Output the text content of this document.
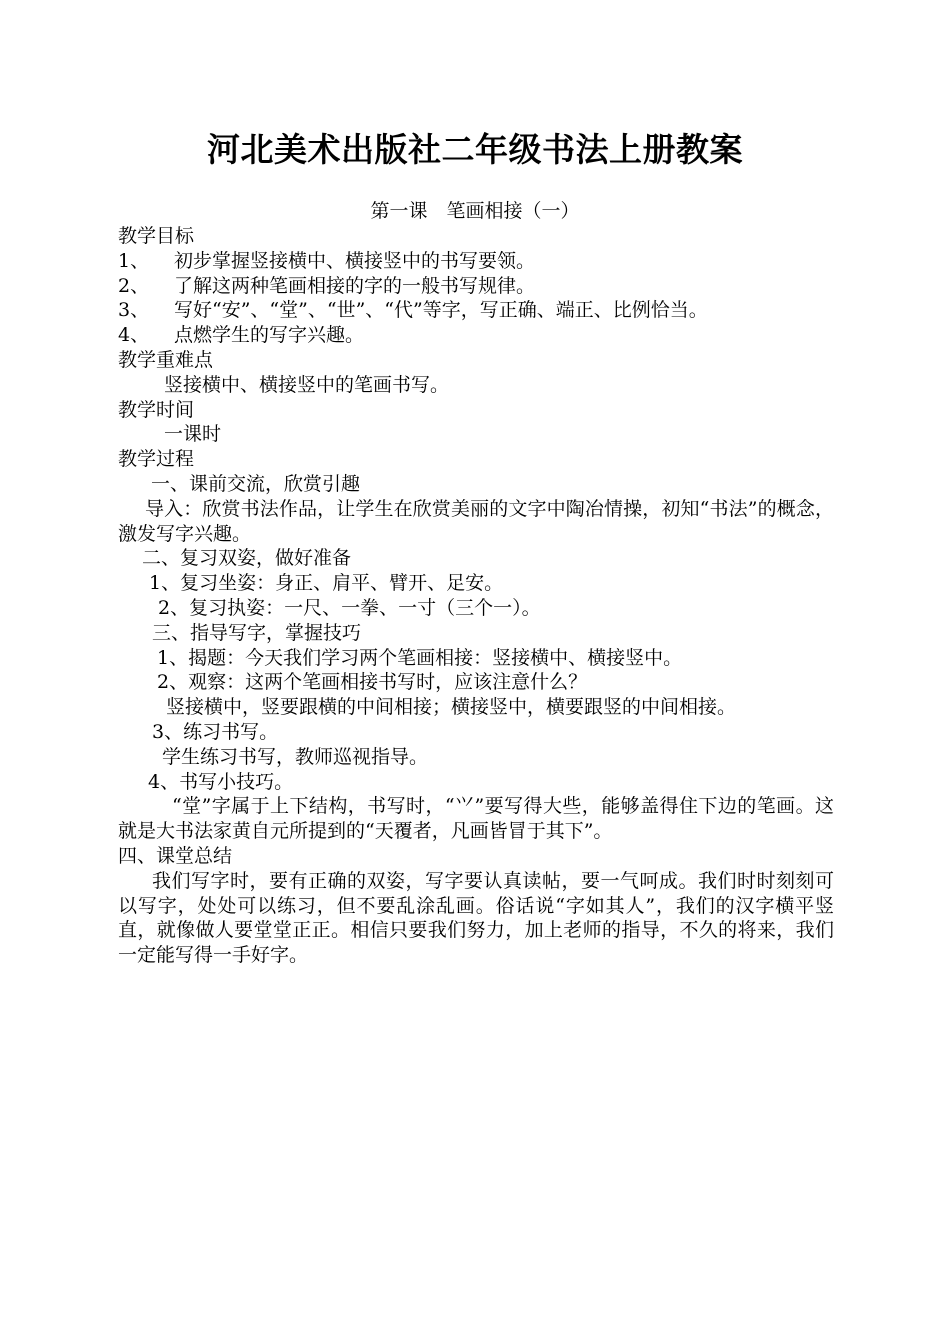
河北美术出版社二年级书法上册教案

第一课　笔画相接（一）

教学目标

1、 初步掌握竖接横中、横接竖中的书写要领。

2、 了解这两种笔画相接的字的一般书写规律。

3、 写好“安”、“堂”、“世”、“代”等字，写正确、端正、比例恰当。

4、 点燃学生的写字兴趣。

教学重难点

竖接横中、横接竖中的笔画书写。

教学时间

一课时

教学过程

一、课前交流，欣赏引趣

导入：欣赏书法作品，让学生在欣赏美丽的文字中陶冶情操，初知“书法”的概念，激发写字兴趣。

二、复习双姿，做好准备

1、复习坐姿：身正、肩平、臂开、足安。

2、复习执姿：一尺、一拳、一寸（三个一）。

三、指导写字，掌握技巧

1、揭题：今天我们学习两个笔画相接：竖接横中、横接竖中。

2、观察：这两个笔画相接书写时，应该注意什么？

竖接横中，竖要跟横的中间相接；横接竖中，横要跟竖的中间相接。

3、练习书写。

学生练习书写，教师巡视指导。

4、书写小技巧。

“堂”字属于上下结构，书写时，“⺍”要写得大些，能够盖得住下边的笔画。这就是大书法家黄自元所提到的“天覆者，凡画皆冒于其下”。

四、课堂总结

我们写字时，要有正确的双姿，写字要认真读帖，要一气呵成。我们时时刻刻可以写字，处处可以练习，但不要乱涂乱画。俗话说“字如其人”，我们的汉字横平竖直，就像做人要堂堂正正。相信只要我们努力，加上老师的指导，不久的将来，我们一定能写得一手好字。
